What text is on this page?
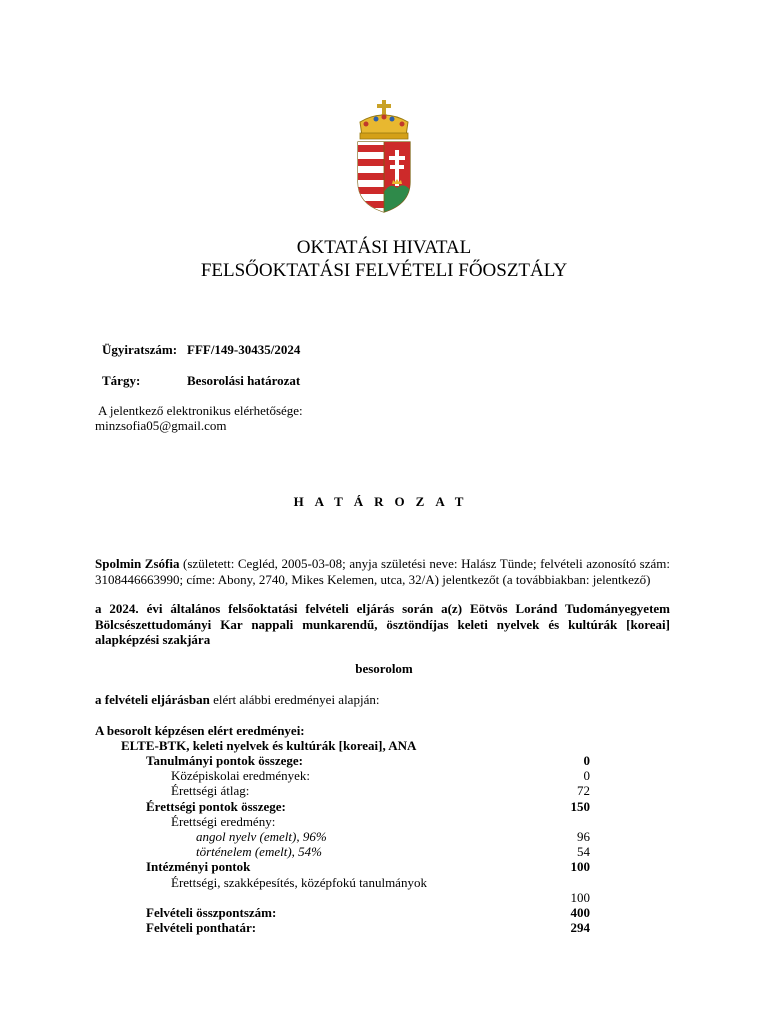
OKTATÁSI HIVATAL
FELSŐOKTATÁSI FELVÉTELI FŐOSZTÁLY
Ügyiratszám: FFF/149-30435/2024
Tárgy:	Besorolási határozat
A jelentkező elektronikus elérhetősége:
minzsofia05@gmail.com
HATÁROZAT
Spolmin Zsófia (született: Cegléd, 2005-03-08; anyja születési neve: Halász Tünde; felvételi azonosító szám:
3108446663990; címe: Abony, 2740, Mikes Kelemen, utca, 32/A) jelentkezőt (a továbbiakban: jelentkező)
a 2024. évi általános felsőoktatási felvételi eljárás során a(z) Eötvös Loránd Tudományegyetem
Bölcsészettudományi Kar nappali munkarendű, ösztöndíjas keleti nyelvek és kultúrák [koreai]
alapképzési szakjára
besorolom
a felvételi eljárásban elért alábbi eredményei alapján:
A besorolt képzésen elért eredményei:
ELTE-BTK, keleti nyelvek és kultúrák [koreai], ANA
Tanulmányi pontok összege:	0
Középiskolai eredmények:	0
Érettségi átlag:	72
Érettségi pontok összege:	150
Érettségi eredmény:
angol nyelv (emelt), 96%	96
történelem (emelt), 54%	54
Intézményi pontok	100
Érettségi, szakképesítés, középfokú tanulmányok
100
Felvételi összpontszám:	400
Felvételi ponthatár:	294
